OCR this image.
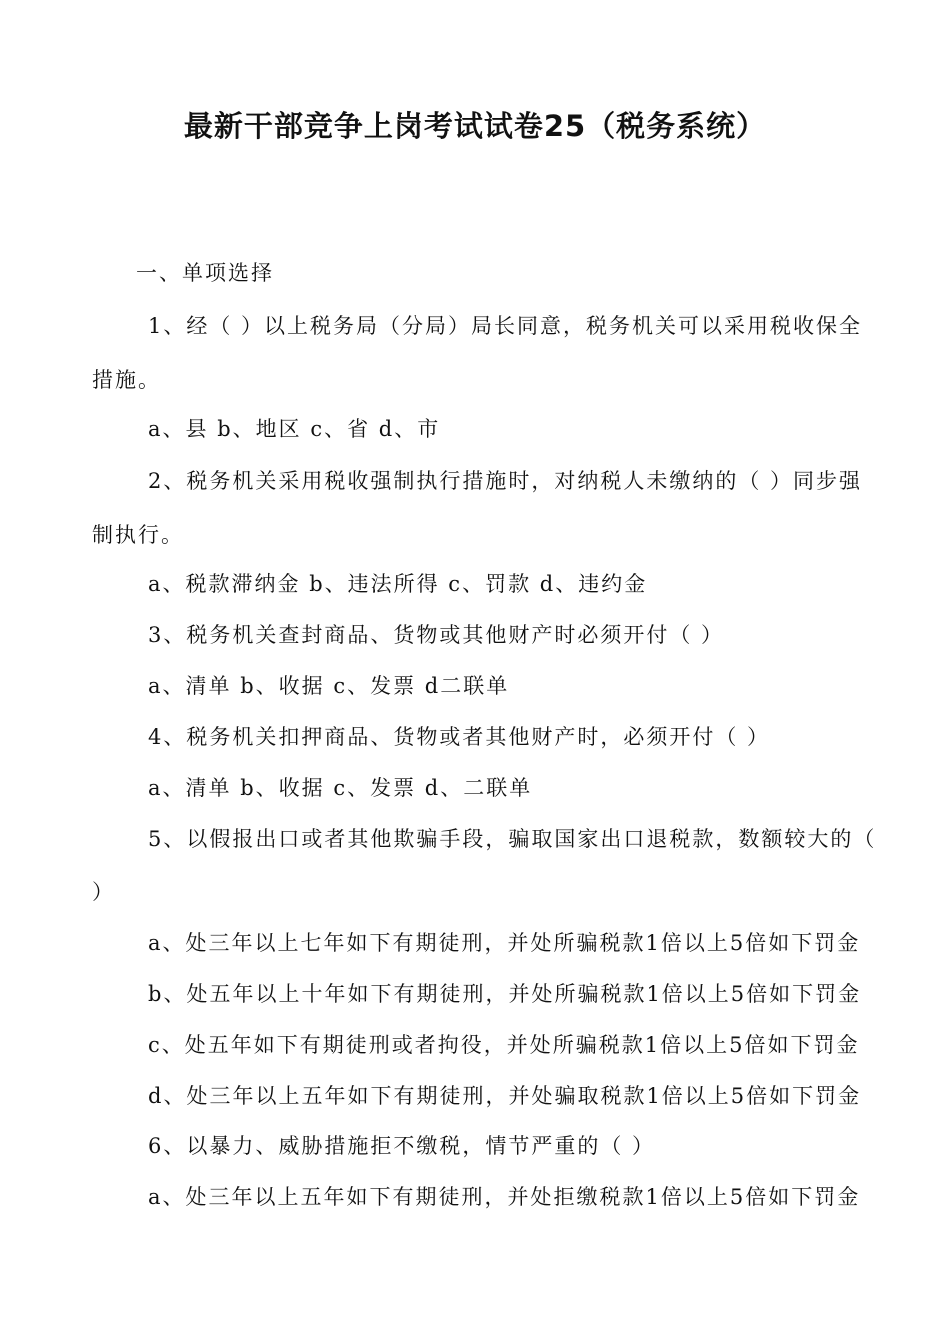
最新干部竞争上岗考试试卷25（税务系统）
一、单项选择
1、经（ ）以上税务局（分局）局长同意，税务机关可以采用税收保全
措施。
a、县 b、地区 c、省 d、市
2、税务机关采用税收强制执行措施时，对纳税人未缴纳的（ ）同步强
制执行。
a、税款滞纳金 b、违法所得 c、罚款 d、违约金
3、税务机关查封商品、货物或其他财产时必须开付（ ）
a、清单 b、收据 c、发票 d二联单
4、税务机关扣押商品、货物或者其他财产时，必须开付（ ）
a、清单 b、收据 c、发票 d、二联单
5、以假报出口或者其他欺骗手段，骗取国家出口退税款，数额较大的（
）
a、处三年以上七年如下有期徒刑，并处所骗税款1倍以上5倍如下罚金
b、处五年以上十年如下有期徒刑，并处所骗税款1倍以上5倍如下罚金
c、处五年如下有期徒刑或者拘役，并处所骗税款1倍以上5倍如下罚金
d、处三年以上五年如下有期徒刑，并处骗取税款1倍以上5倍如下罚金
6、以暴力、威胁措施拒不缴税，情节严重的（ ）
a、处三年以上五年如下有期徒刑，并处拒缴税款1倍以上5倍如下罚金
